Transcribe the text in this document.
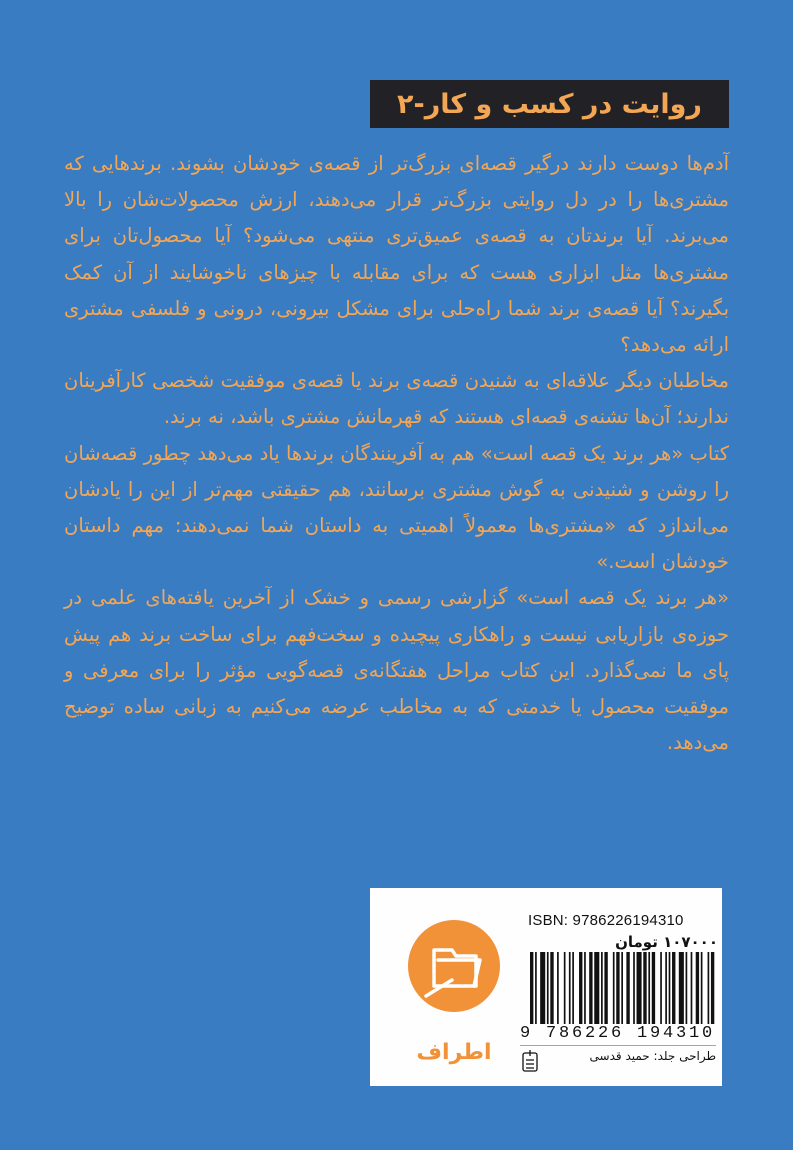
روایت در کسب و کار-۲

آدم‌ها دوست دارند درگیر قصه‌ای بزرگ‌تر از قصه‌ی خودشان بشوند. برندهایی که مشتری‌ها را در دل روایتی بزرگ‌تر قرار می‌دهند، ارزش محصولات‌شان را بالا می‌برند. آیا برندتان به قصه‌ی عمیق‌تری منتهی می‌شود؟ آیا محصول‌تان برای مشتری‌ها مثل ابزاری هست که برای مقابله با چیزهای ناخوشایند از آن کمک بگیرند؟ آیا قصه‌ی برند شما راه‌حلی برای مشکل بیرونی، درونی و فلسفی مشتری ارائه می‌دهد؟

مخاطبان دیگر علاقه‌ای به شنیدن قصه‌ی برند یا قصه‌ی موفقیت شخصی کارآفرینان ندارند؛ آن‌ها تشنه‌ی قصه‌ای هستند که قهرمانش مشتری باشد، نه برند.

کتاب «هر برند یک قصه است» هم به آفرینندگان برندها یاد می‌دهد چطور قصه‌شان را روشن و شنیدنی به گوش مشتری برسانند، هم حقیقتی مهم‌تر از این را یادشان می‌اندازد که «مشتری‌ها معمولاً اهمیتی به داستان شما نمی‌دهند: مهم داستان خودشان است.»

«هر برند یک قصه است» گزارشی رسمی و خشک از آخرین یافته‌های علمی در حوزه‌ی بازاریابی نیست و راهکاری پیچیده و سخت‌فهم برای ساخت برند هم پیش پای ما نمی‌گذارد. این کتاب مراحل هفتگانه‌ی قصه‌گویی مؤثر را برای معرفی و موفقیت محصول یا خدمتی که به مخاطب عرضه می‌کنیم به زبانی ساده توضیح می‌دهد.

اطراف
ISBN: 9786226194310
۱۰۷۰۰۰ تومان
9 786226 194310
طراحی جلد: حمید قدسی
